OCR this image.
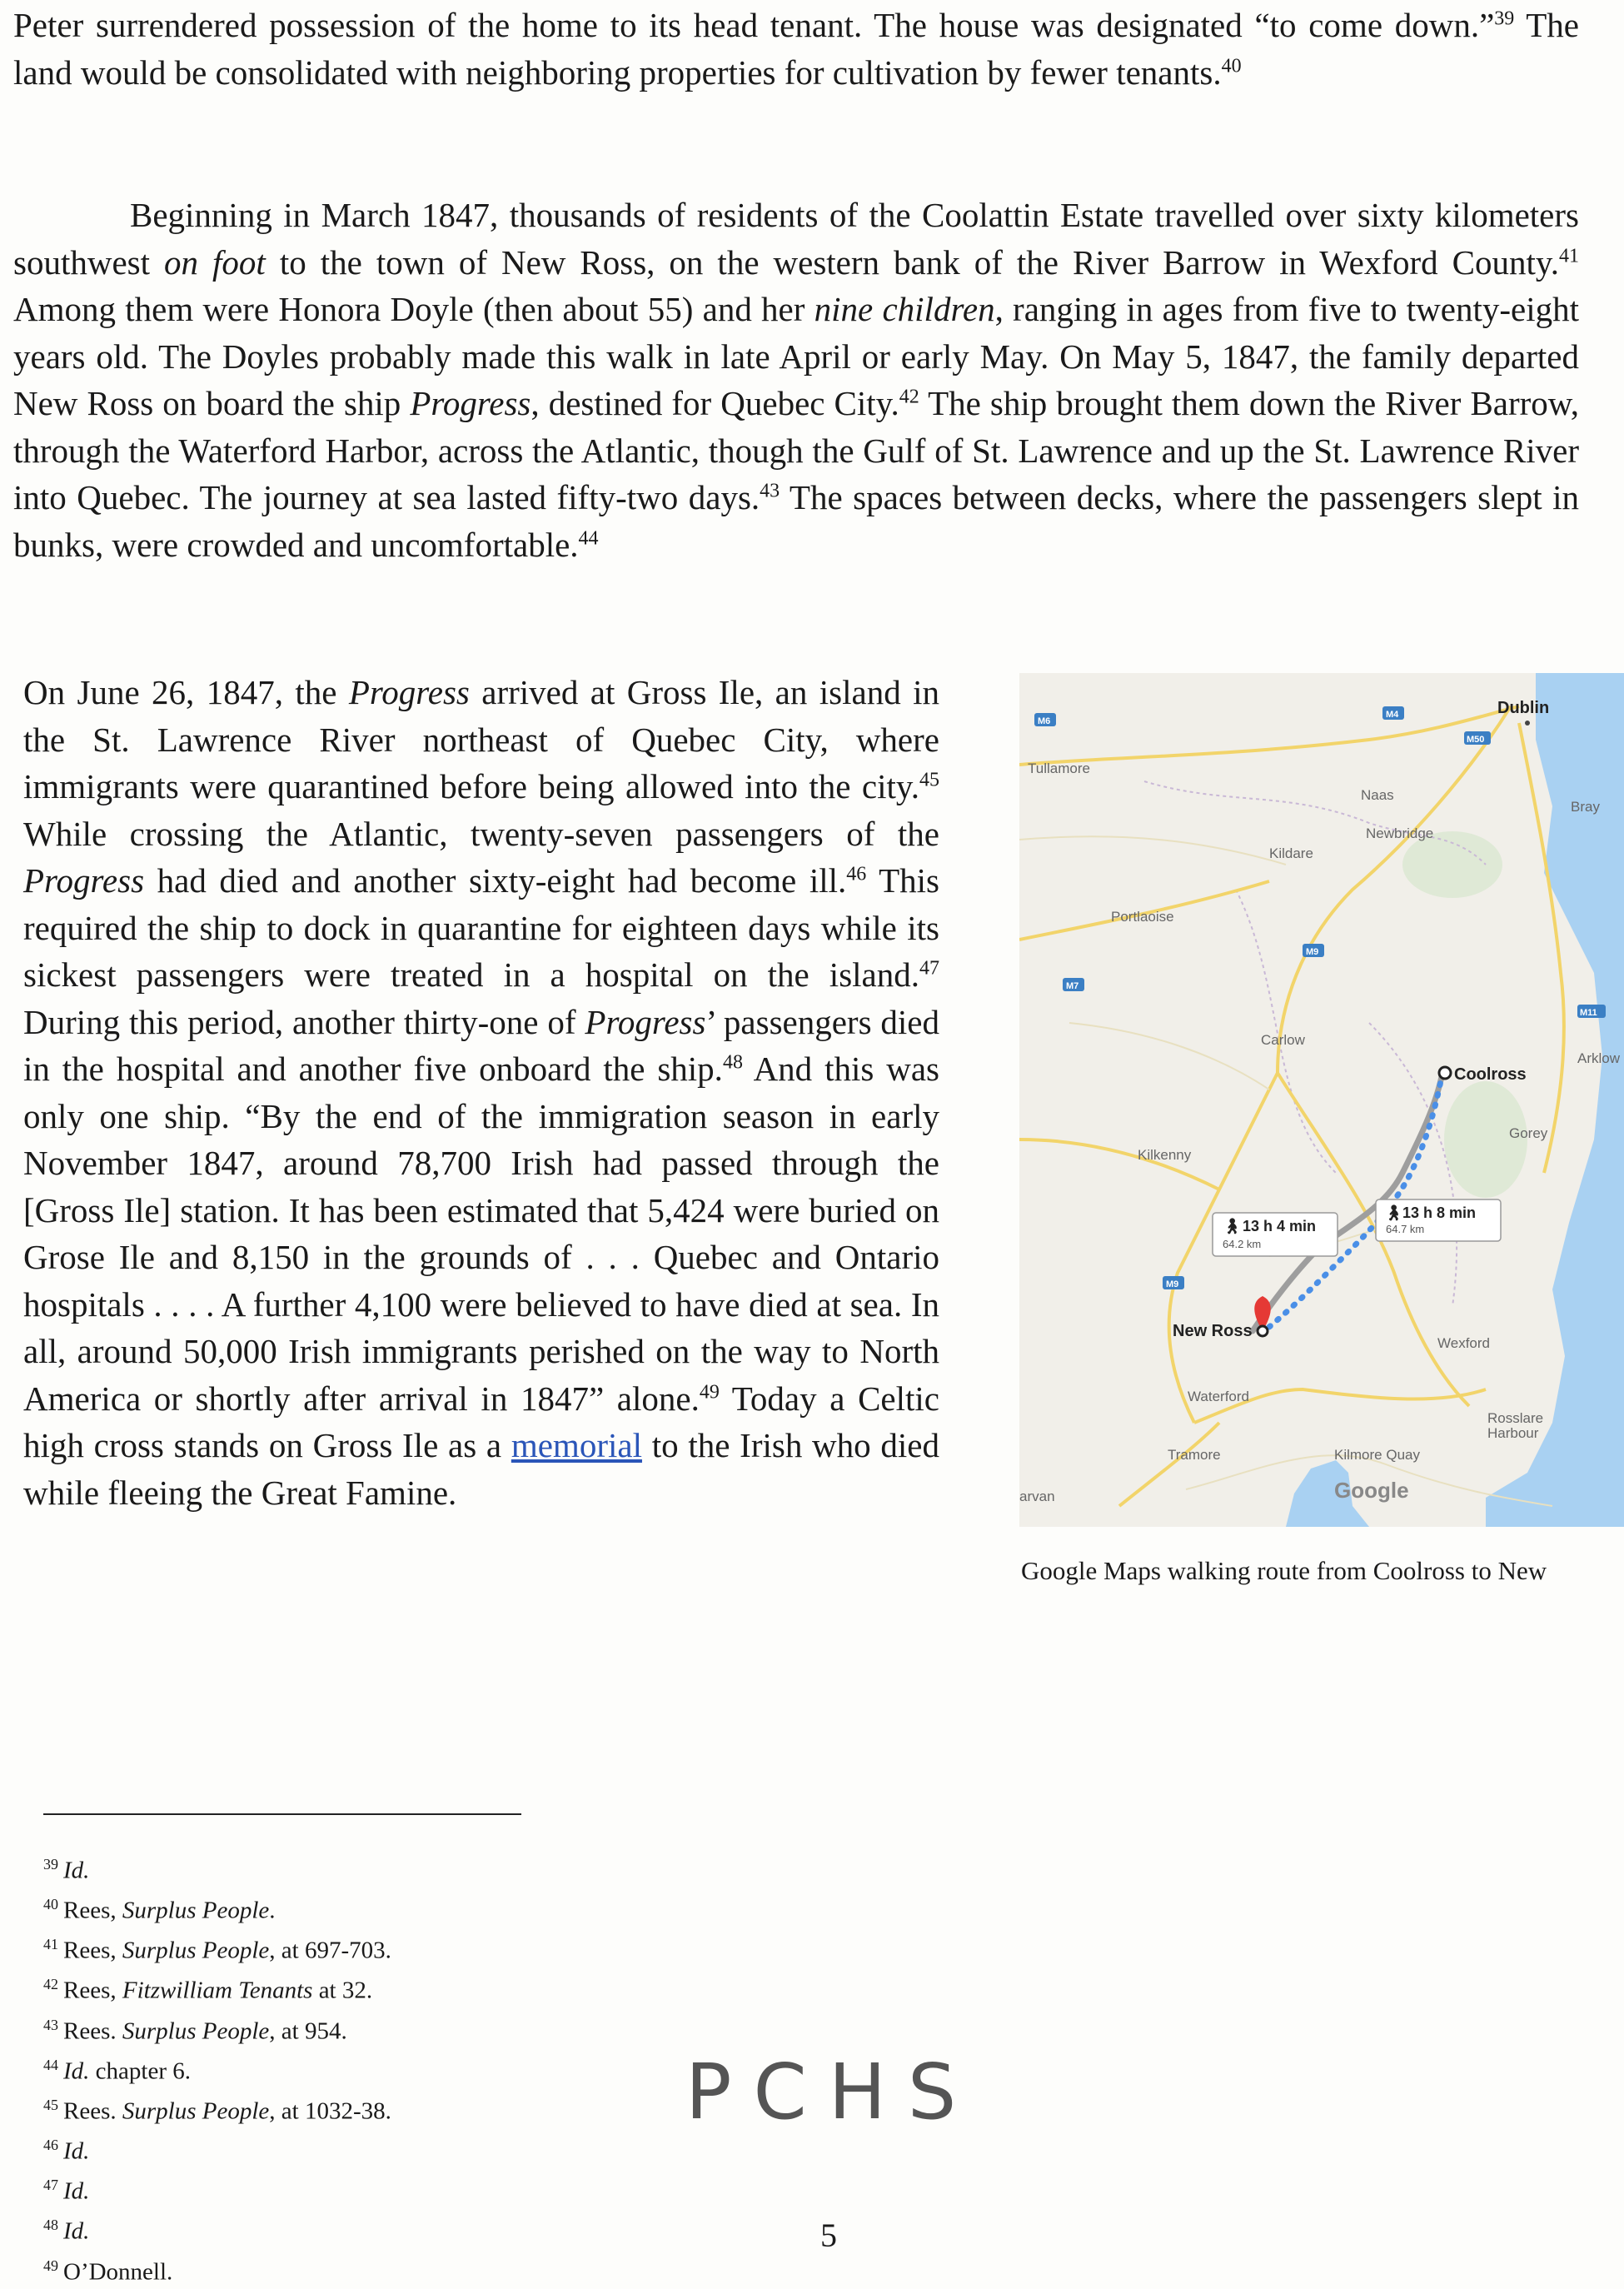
Peter surrendered possession of the home to its head tenant. The house was designated “to come down.”$^{39}$ The land would be consolidated with neighboring properties for cultivation by fewer tenants.$^{40}$

Beginning in March 1847, thousands of residents of the Coolattin Estate travelled over sixty kilometers southwest on foot to the town of New Ross, on the western bank of the River Barrow in Wexford County.$^{41}$ Among them were Honora Doyle (then about 55) and her nine children, ranging in ages from five to twenty-eight years old. The Doyles probably made this walk in late April or early May. On May 5, 1847, the family departed New Ross on board the ship Progress, destined for Quebec City.$^{42}$ The ship brought them down the River Barrow, through the Waterford Harbor, across the Atlantic, though the Gulf of St. Lawrence and up the St. Lawrence River into Quebec. The journey at sea lasted fifty-two days.$^{43}$ The spaces between decks, where the passengers slept in bunks, were crowded and uncomfortable.$^{44}$

On June 26, 1847, the Progress arrived at Gross Ile, an island in the St. Lawrence River northeast of Quebec City, where immigrants were quarantined before being allowed into the city.$^{45}$ While crossing the Atlantic, twenty-seven passengers of the Progress had died and another sixty-eight had become ill.$^{46}$ This required the ship to dock in quarantine for eighteen days while its sickest passengers were treated in a hospital on the island.$^{47}$ During this period, another thirty-one of Progress’ passengers died in the hospital and another five onboard the ship.$^{48}$ And this was only one ship. “By the end of the immigration season in early November 1847, around 78,700 Irish had passed through the [Gross Ile] station. It has been estimated that 5,424 were buried on Grose Ile and 8,150 in the grounds of . . . Quebec and Ontario hospitals . . . . A further 4,100 were believed to have died at sea. In all, around 50,000 Irish immigrants perished on the way to North America or shortly after arrival in 1847” alone.$^{49}$ Today a Celtic high cross stands on Gross Ile as a memorial to the Irish who died while fleeing the Great Famine.

M6
M4
M50
M9
M7
M11
M9
🚶︎ 13 h 4 min
64.2 km
🚶︎ 13 h 8 min
64.7 km
Dublin
Tullamore
Naas
Bray
Newbridge
Kildare
Portlaoise
Carlow
Arklow
Coolross
Gorey
Kilkenny
New Ross
Wexford
Waterford
Rosslare
Harbour
Tramore	Kilmore Quay
arvan	Google
Google Maps walking route from Coolross to New
$^{39}$ Id.
$^{40}$ Rees, Surplus People.
$^{41}$ Rees, Surplus People, at 697-703.
$^{42}$ Rees, Fitzwilliam Tenants at 32.
$^{43}$ Rees. Surplus People, at 954.
$^{44}$ Id. chapter 6.
$^{45}$ Rees. Surplus People, at 1032-38.
$^{46}$ Id.
$^{47}$ Id.
$^{48}$ Id.
$^{49}$ O’Donnell.
PCHS
5
